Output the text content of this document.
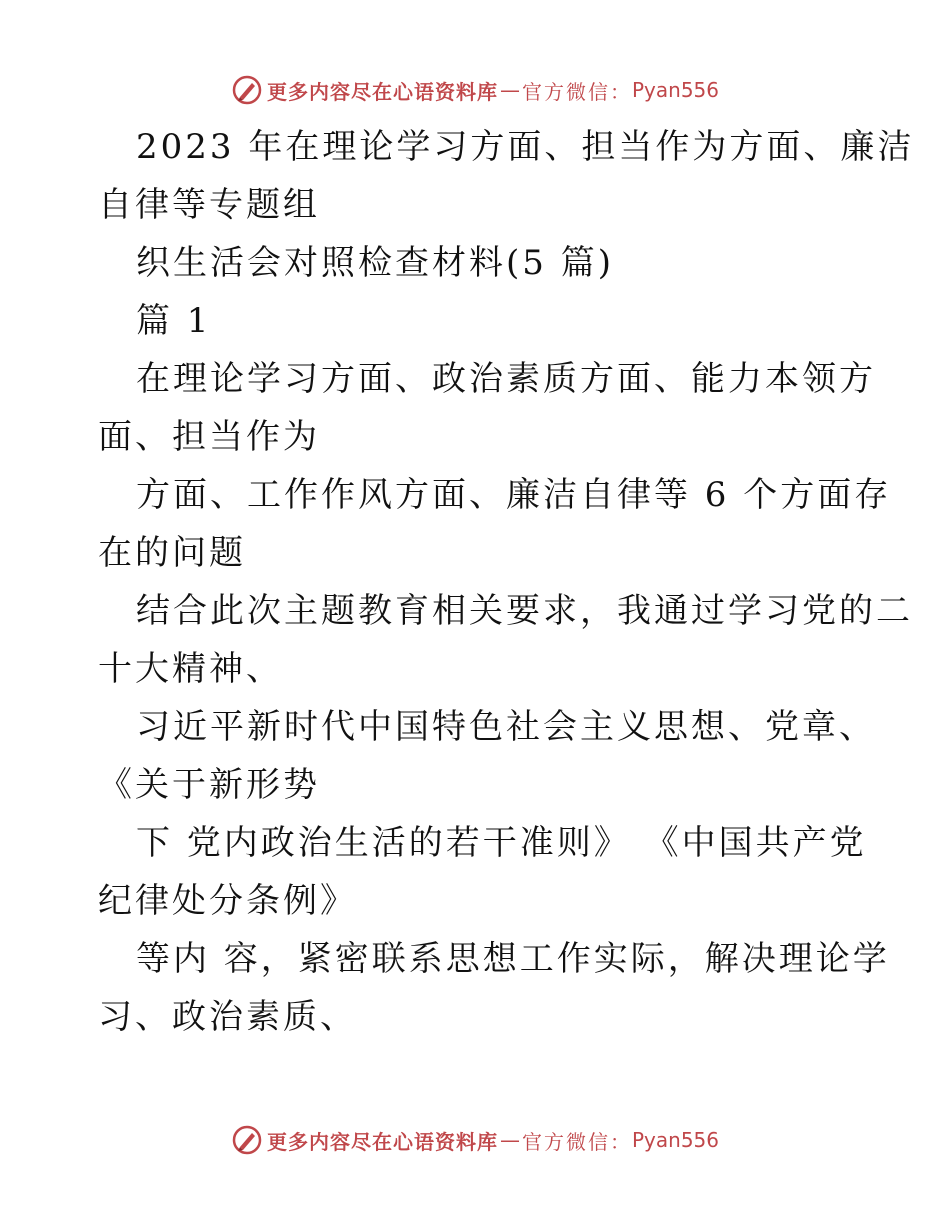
更多内容尽在心语资料库 — 官方微信： Pyan556
2023 年在理论学习方面、担当作为方面、廉洁
自律等专题组
织生活会对照检查材料(5 篇)
篇 1
在理论学习方面、政治素质方面、能力本领方
面、担当作为
方面、工作作风方面、廉洁自律等 6 个方面存
在的问题
结合此次主题教育相关要求，我通过学习党的二
十大精神、
习近平新时代中国特色社会主义思想、党章、
《关于新形势
下 党内政治生活的若干准则》 《中国共产党
纪律处分条例》
等内 容，紧密联系思想工作实际，解决理论学
习、政治素质、
更多内容尽在心语资料库 — 官方微信： Pyan556
